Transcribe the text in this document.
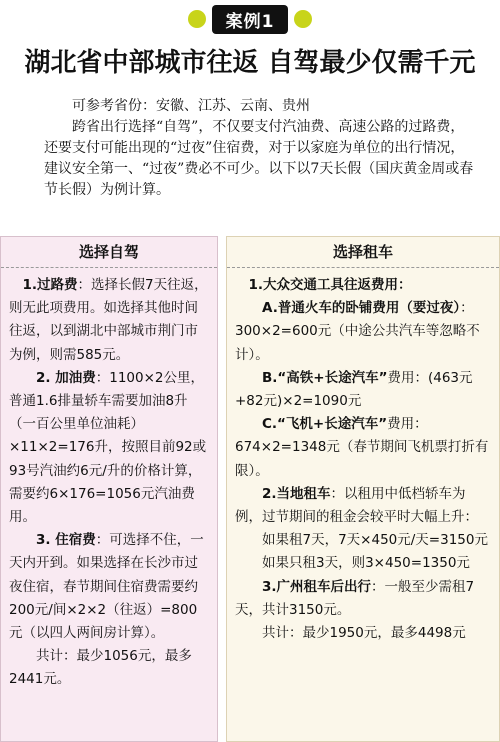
案例1
湖北省中部城市往返 自驾最少仅需千元

可参考省份：安徽、江苏、云南、贵州

跨省出行选择“自驾”，不仅要支付汽油费、高速公路的过路费，还要支付可能出现的“过夜”住宿费，对于以家庭为单位的出行情况，建议安全第一、“过夜”费必不可少。以下以7天长假（国庆黄金周或春节长假）为例计算。

选择自驾

1.过路费：选择长假7天往返，则无此项费用。如选择其他时间往返，以到湖北中部城市荆门市为例，则需585元。

2. 加油费：1100×2公里，普通1.6排量轿车需要加油8升（一百公里单位油耗）×11×2=176升，按照目前92或93号汽油约6元/升的价格计算，需要约6×176=1056元汽油费用。

3. 住宿费：可选择不住，一天内开到。如果选择在长沙市过夜住宿，春节期间住宿费需要约200元/间×2×2（往返）=800元（以四人两间房计算）。

共计：最少1056元，最多2441元。

选择租车

1.大众交通工具往返费用：

A.普通火车的卧铺费用（要过夜）：300×2=600元（中途公共汽车等忽略不计）。

B.“高铁+长途汽车”费用：(463元+82元)×2=1090元

C.“飞机+长途汽车”费用：674×2=1348元（春节期间飞机票打折有限）。

2.当地租车：以租用中低档轿车为例，过节期间的租金会较平时大幅上升：

如果租7天，7天×450元/天=3150元

如果只租3天，则3×450=1350元

3.广州租车后出行：一般至少需租7天，共计3150元。

共计：最少1950元，最多4498元
